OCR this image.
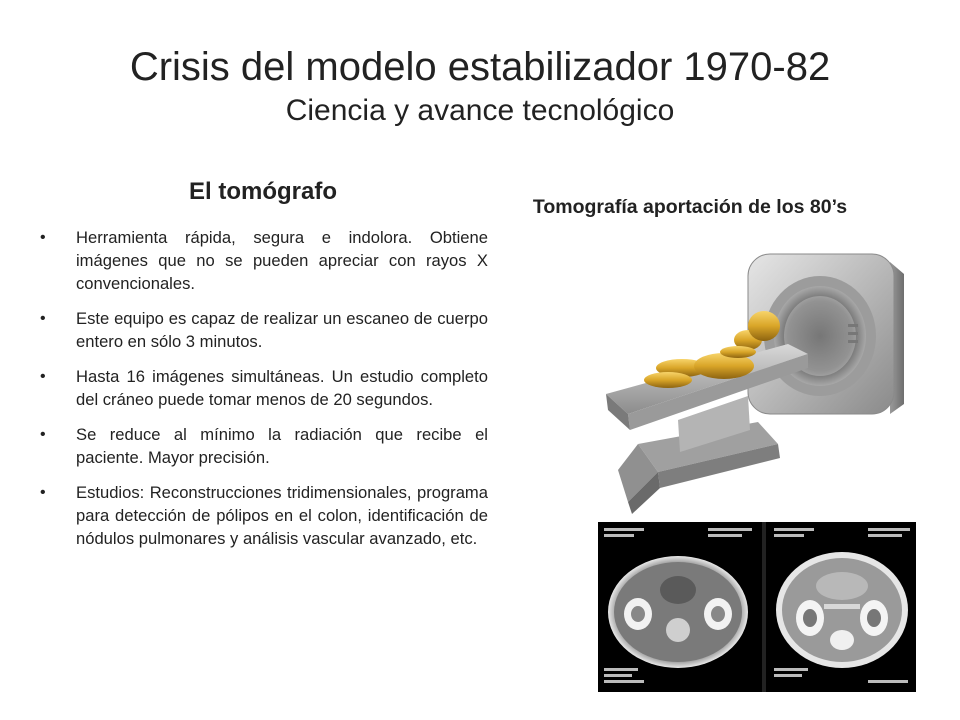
Crisis del modelo estabilizador 1970-82
Ciencia y avance tecnológico
El tomógrafo
• Herramienta rápida, segura e indolora. Obtiene imágenes que no se pueden apreciar con rayos X convencionales.
• Este equipo es capaz de realizar un escaneo de cuerpo entero en sólo 3 minutos.
• Hasta 16 imágenes simultáneas. Un estudio completo del cráneo puede tomar menos de 20 segundos.
• Se reduce al mínimo la radiación que recibe el paciente. Mayor precisión.
• Estudios: Reconstrucciones tridimensionales, programa para detección de pólipos en el colon, identificación de nódulos pulmonares y análisis vascular avanzado, etc.
Tomografía aportación de los 80’s
